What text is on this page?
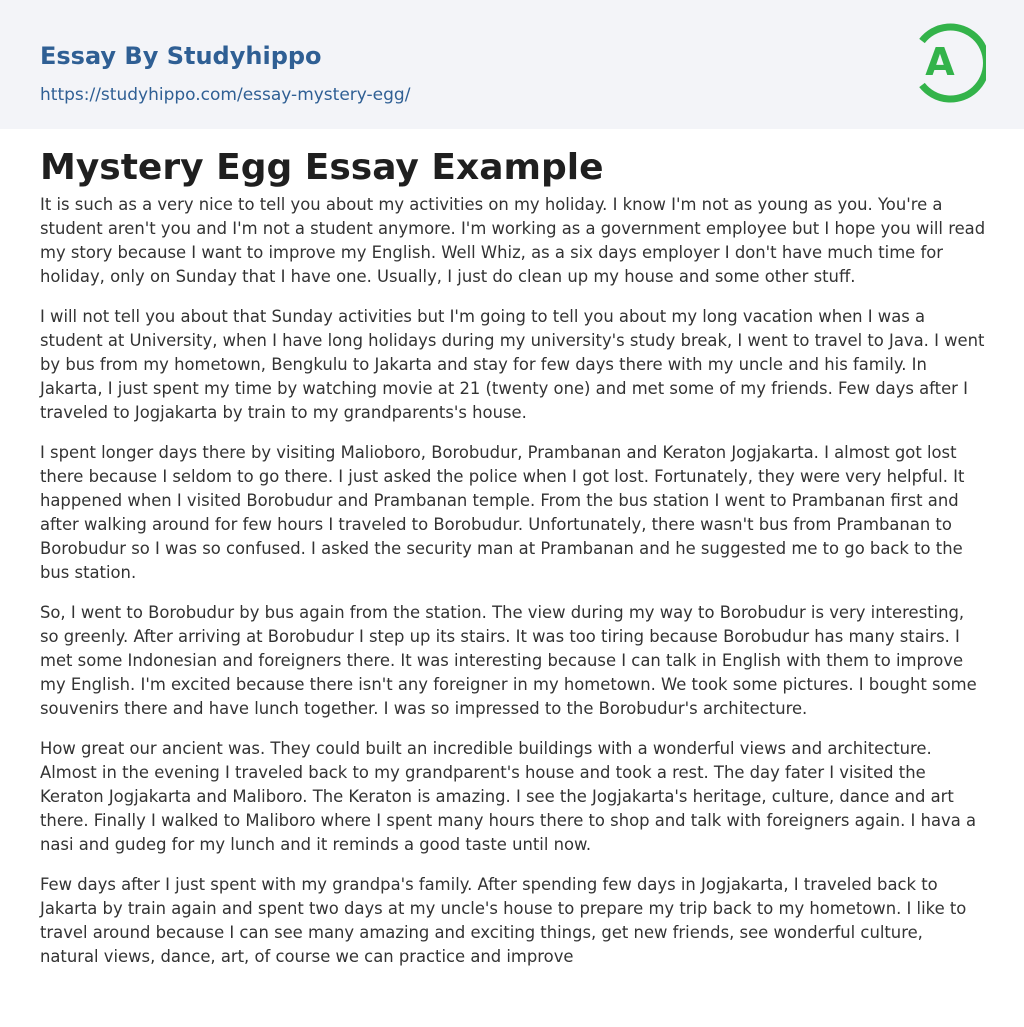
Essay By Studyhippo
https://studyhippo.com/essay-mystery-egg/
A
Mystery Egg Essay Example

It is such as a very nice to tell you about my activities on my holiday. I know I'm not as young as you. You're a student aren't you and I'm not a student anymore. I'm working as a government employee but I hope you will read my story because I want to improve my English. Well Whiz, as a six days employer I don't have much time for holiday, only on Sunday that I have one. Usually, I just do clean up my house and some other stuff.

I will not tell you about that Sunday activities but I'm going to tell you about my long vacation when I was a student at University, when I have long holidays during my university's study break, I went to travel to Java. I went by bus from my hometown, Bengkulu to Jakarta and stay for few days there with my uncle and his family. In Jakarta, I just spent my time by watching movie at 21 (twenty one) and met some of my friends. Few days after I traveled to Jogjakarta by train to my grandparents's house.

I spent longer days there by visiting Malioboro, Borobudur, Prambanan and Keraton Jogjakarta. I almost got lost there because I seldom to go there. I just asked the police when I got lost. Fortunately, they were very helpful. It happened when I visited Borobudur and Prambanan temple. From the bus station I went to Prambanan first and after walking around for few hours I traveled to Borobudur. Unfortunately, there wasn't bus from Prambanan to Borobudur so I was so confused. I asked the security man at Prambanan and he suggested me to go back to the bus station.

So, I went to Borobudur by bus again from the station. The view during my way to Borobudur is very interesting, so greenly. After arriving at Borobudur I step up its stairs. It was too tiring because Borobudur has many stairs. I met some Indonesian and foreigners there. It was interesting because I can talk in English with them to improve my English. I'm excited because there isn't any foreigner in my hometown. We took some pictures. I bought some souvenirs there and have lunch together. I was so impressed to the Borobudur's architecture.

How great our ancient was. They could built an incredible buildings with a wonderful views and architecture. Almost in the evening I traveled back to my grandparent's house and took a rest. The day fater I visited the Keraton Jogjakarta and Maliboro. The Keraton is amazing. I see the Jogjakarta's heritage, culture, dance and art there. Finally I walked to Maliboro where I spent many hours there to shop and talk with foreigners again. I hava a nasi and gudeg for my lunch and it reminds a good taste until now.

Few days after I just spent with my grandpa's family. After spending few days in Jogjakarta, I traveled back to Jakarta by train again and spent two days at my uncle's house to prepare my trip back to my hometown. I like to travel around because I can see many amazing and exciting things, get new friends, see wonderful culture, natural views, dance, art, of course we can practice and improve
